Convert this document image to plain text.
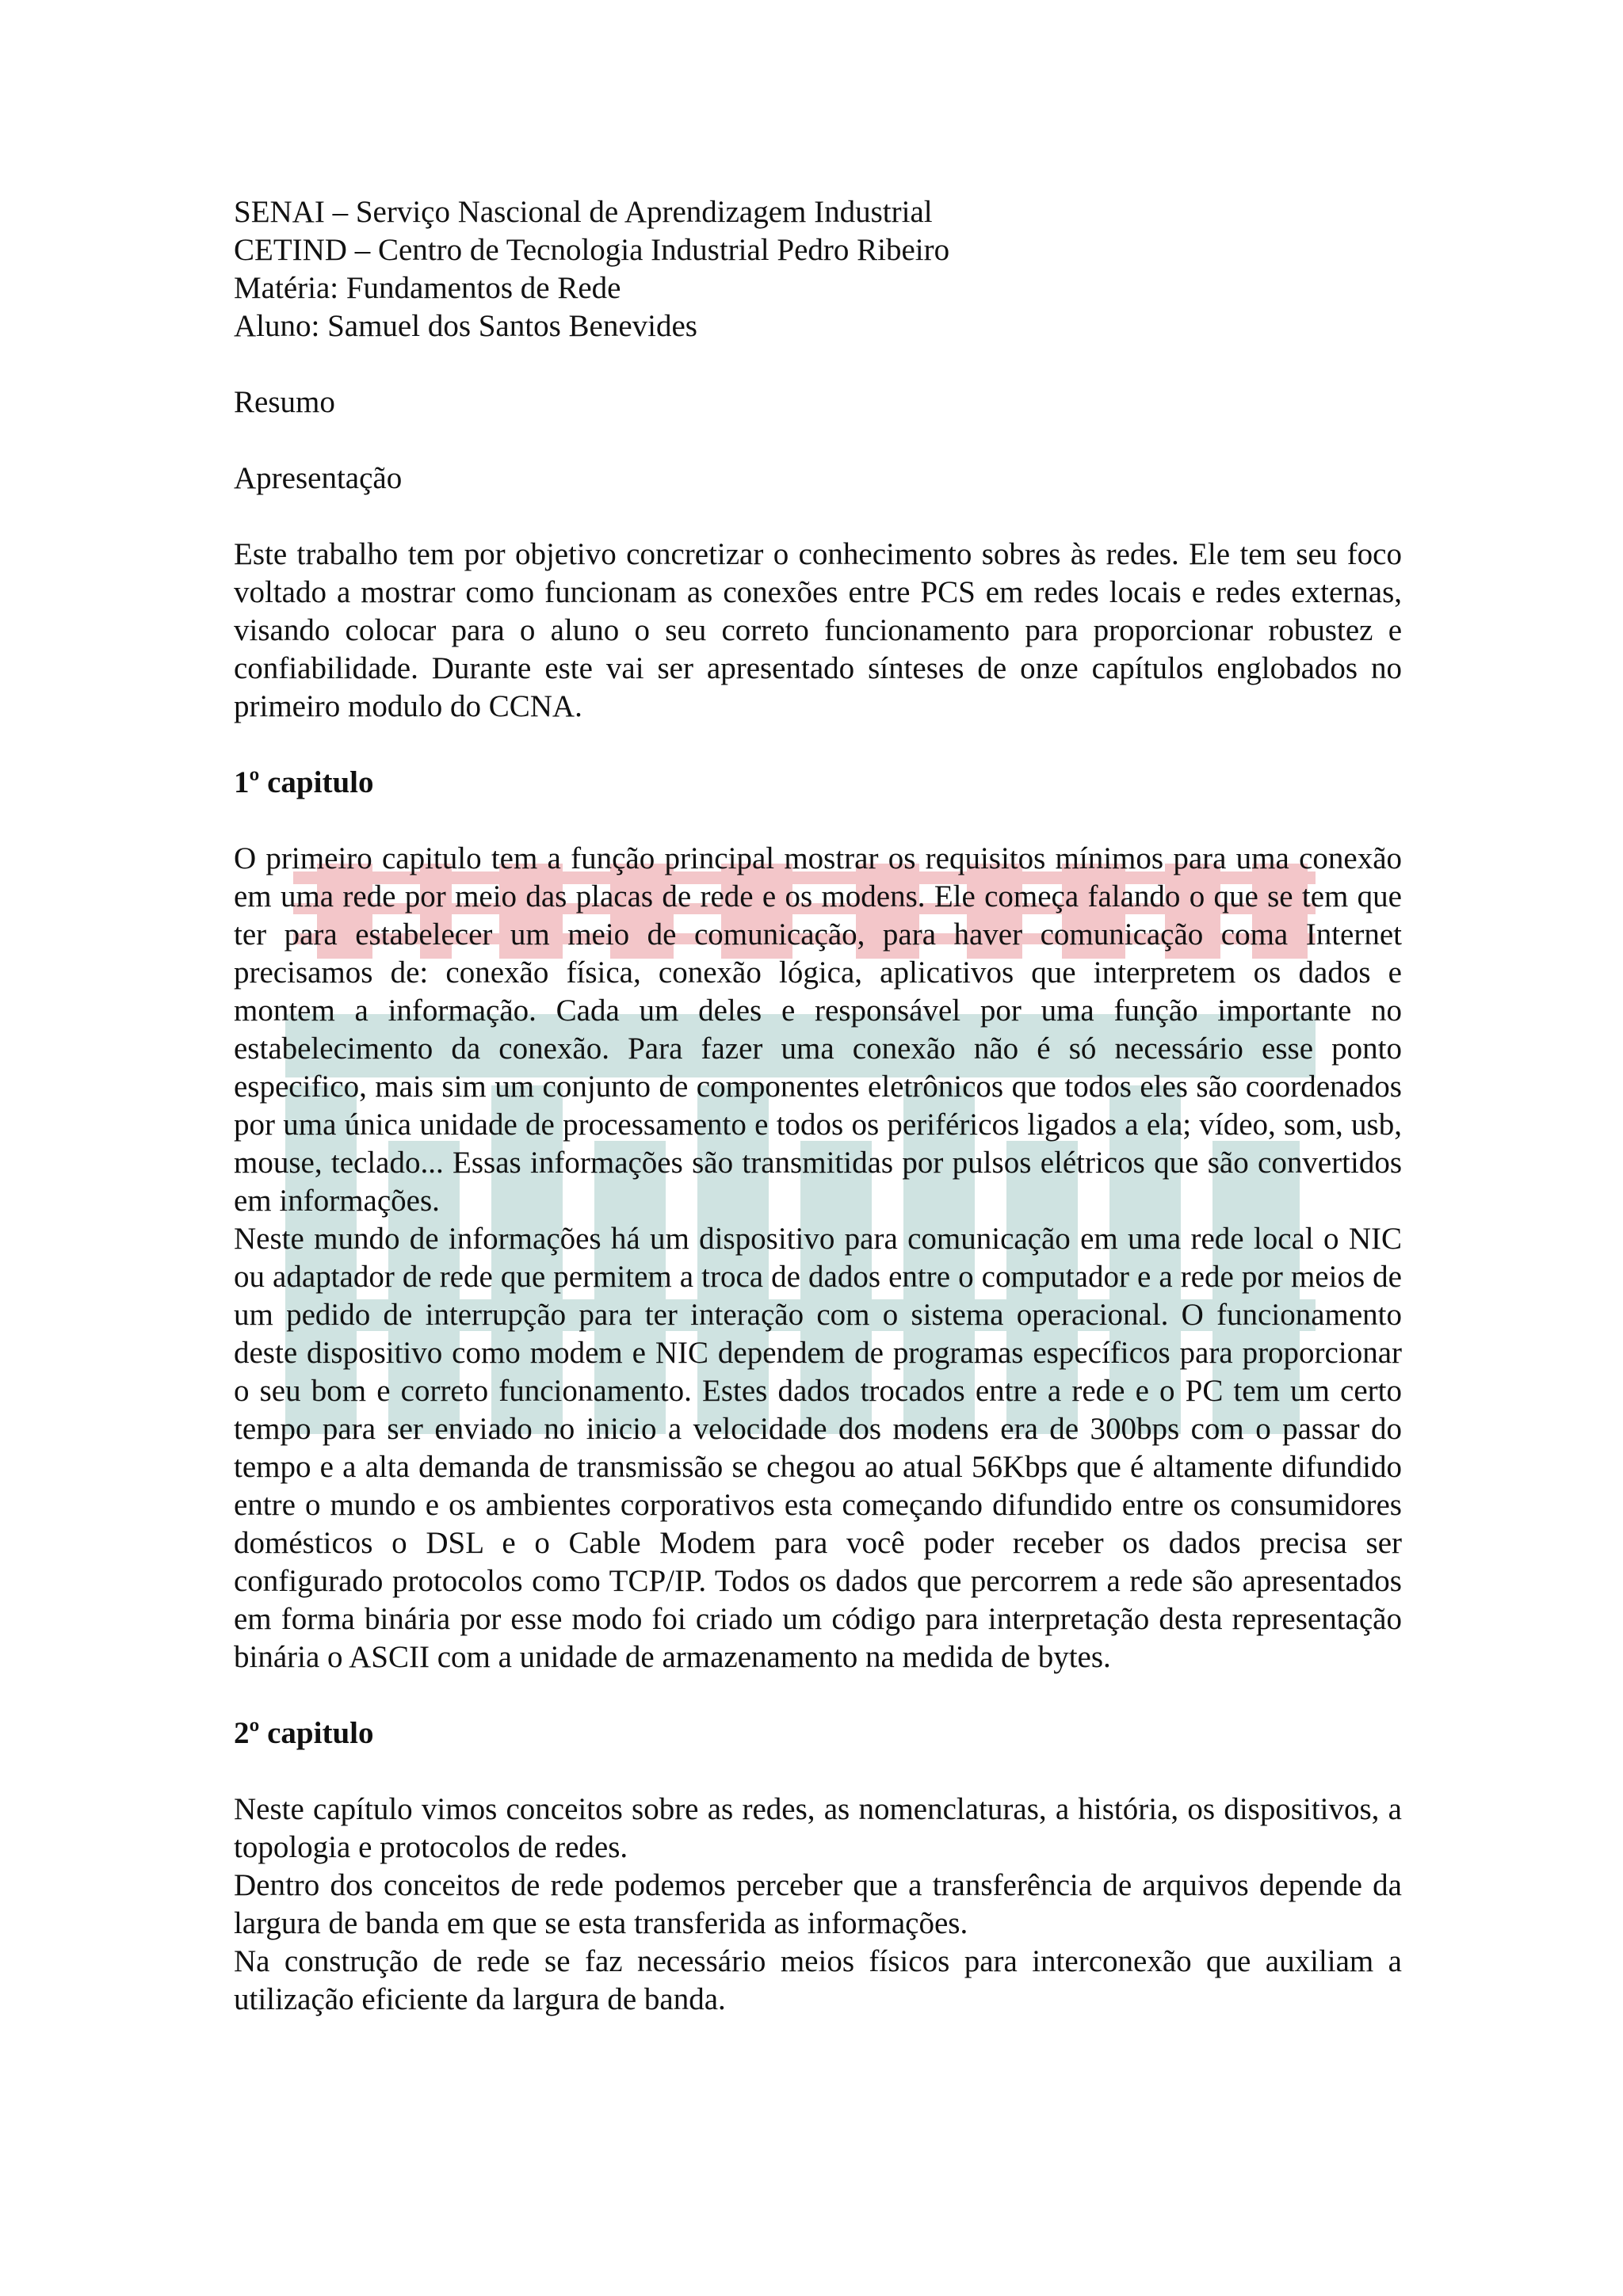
SENAI – Serviço Nascional de Aprendizagem Industrial
CETIND – Centro de Tecnologia Industrial Pedro Ribeiro
Matéria: Fundamentos de Rede
Aluno: Samuel dos Santos Benevides
Resumo
Apresentação

Este trabalho tem por objetivo concretizar o conhecimento sobres às redes. Ele tem seu foco voltado a mostrar como funcionam as conexões entre PCS em redes locais e redes externas, visando colocar para o aluno o seu correto funcionamento para proporcionar robustez e confiabilidade. Durante este vai ser apresentado sínteses de onze capítulos englobados no primeiro modulo do CCNA.

1º capitulo

O primeiro capitulo tem a função principal mostrar os requisitos mínimos para uma conexão em uma rede por meio das placas de rede e os modens. Ele começa falando o que se tem que ter para estabelecer um meio de comunicação, para haver comunicação coma Internet precisamos de: conexão física, conexão lógica, aplicativos que interpretem os dados e montem a informação. Cada um deles e responsável por uma função importante no estabelecimento da conexão. Para fazer uma conexão não é só necessário esse ponto especifico, mais sim um conjunto de componentes eletrônicos que todos eles são coordenados por uma única unidade de processamento e todos os periféricos ligados a ela; vídeo, som, usb, mouse, teclado... Essas informações são transmitidas por pulsos elétricos que são convertidos em informações.

Neste mundo de informações há um dispositivo para comunicação em uma rede local o NIC ou adaptador de rede que permitem a troca de dados entre o computador e a rede por meios de um pedido de interrupção para ter interação com o sistema operacional. O funcionamento deste dispositivo como modem e NIC dependem de programas específicos para proporcionar o seu bom e correto funcionamento. Estes dados trocados entre a rede e o PC tem um certo tempo para ser enviado no inicio a velocidade dos modens era de 300bps com o passar do tempo e a alta demanda de transmissão se chegou ao atual 56Kbps que é altamente difundido entre o mundo e os ambientes corporativos esta começando difundido entre os consumidores domésticos o DSL e o Cable Modem para você poder receber os dados precisa ser configurado protocolos como TCP/IP. Todos os dados que percorrem a rede são apresentados em forma binária por esse modo foi criado um código para interpretação desta representação binária o ASCII com a unidade de armazenamento na medida de bytes.

2º capitulo

Neste capítulo vimos conceitos sobre as redes, as nomenclaturas, a história, os dispositivos, a topologia e protocolos de redes.

Dentro dos conceitos de rede podemos perceber que a transferência de arquivos depende da largura de banda em que se esta transferida as informações.

Na construção de rede se faz necessário meios físicos para interconexão que auxiliam a utilização eficiente da largura de banda.
